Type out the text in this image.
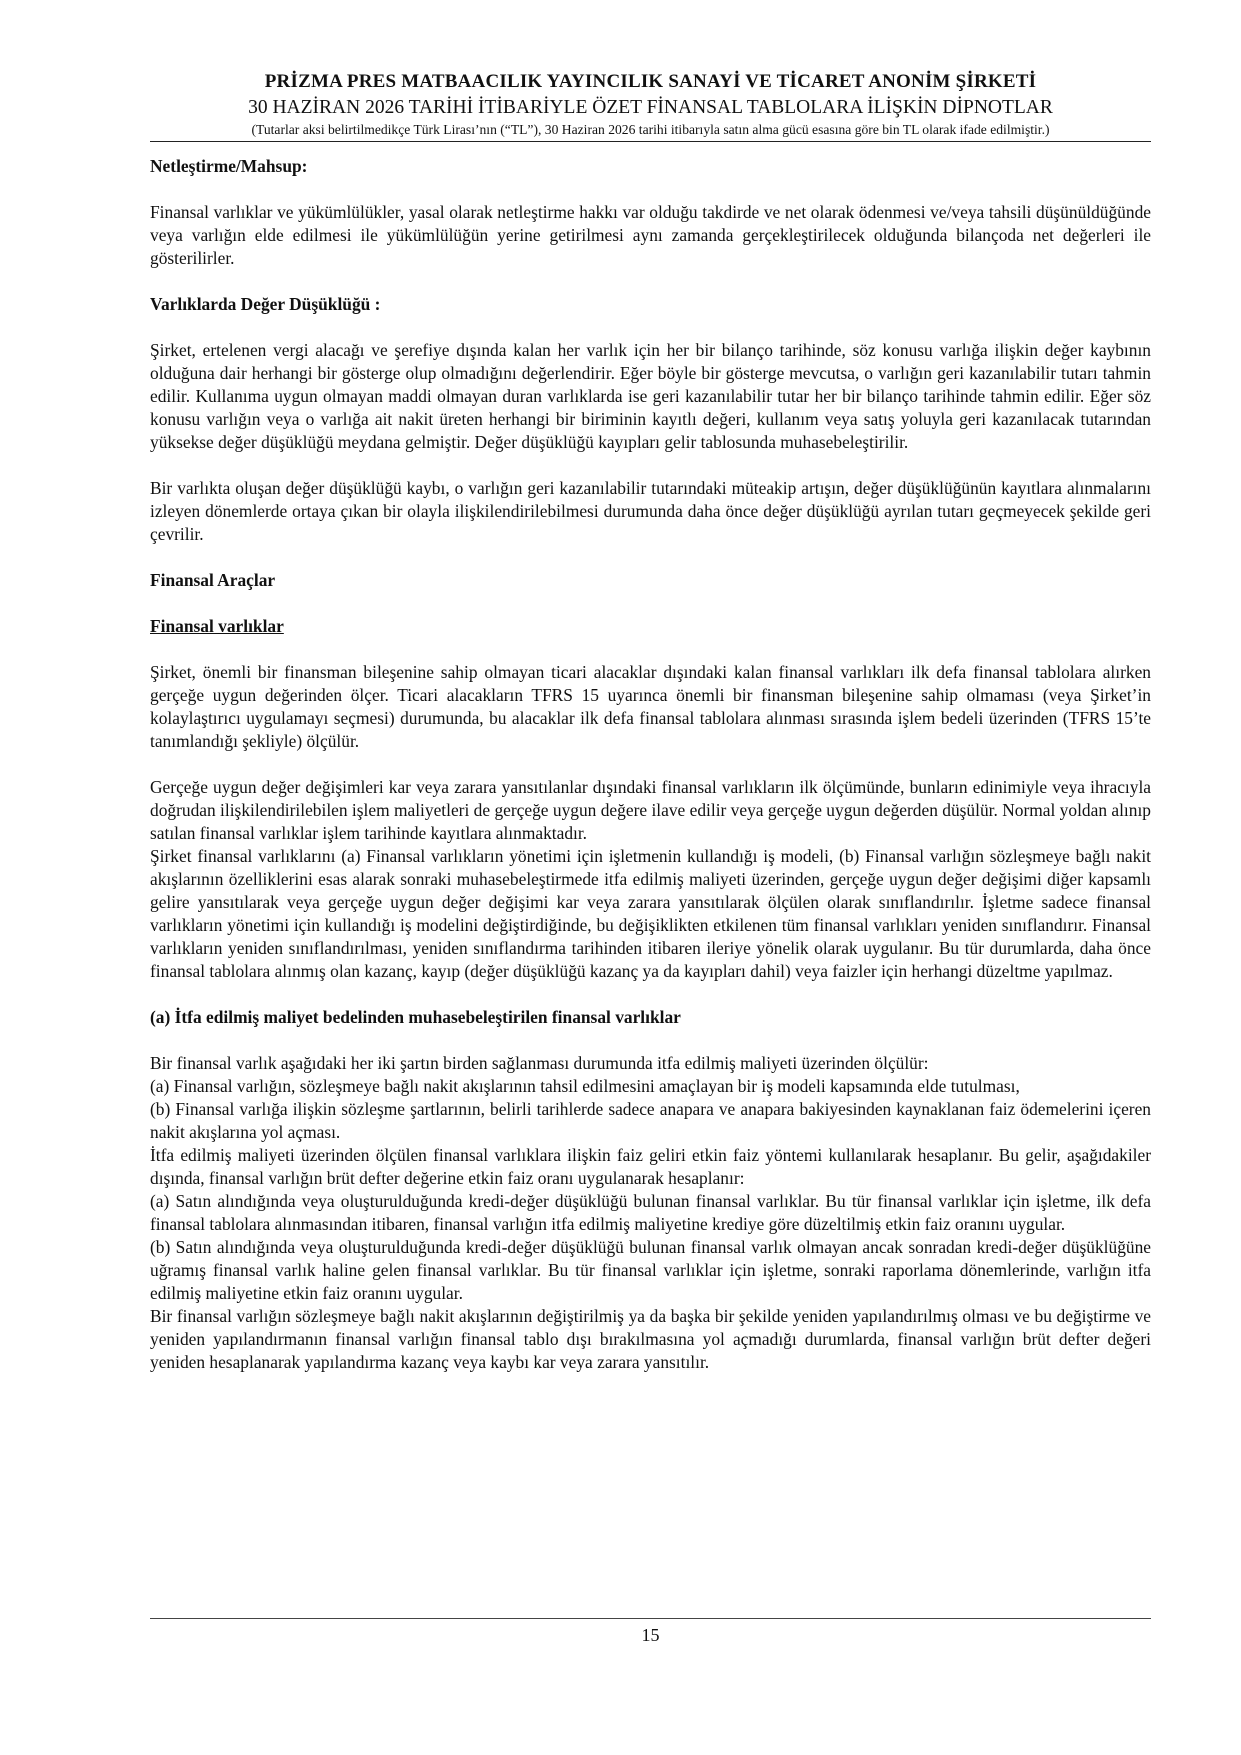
PRİZMA PRES MATBAACILIK YAYINCILIK SANAYİ VE TİCARET ANONİM ŞİRKETİ

30 HAZİRAN 2026 TARİHİ İTİBARİYLE ÖZET FİNANSAL TABLOLARA İLİŞKİN DİPNOTLAR

(Tutarlar aksi belirtilmedikçe Türk Lirası’nın (“TL”), 30 Haziran 2026 tarihi itibarıyla satın alma gücü esasına göre bin TL olarak ifade edilmiştir.)

Netleştirme/Mahsup:

Finansal varlıklar ve yükümlülükler, yasal olarak netleştirme hakkı var olduğu takdirde ve net olarak ödenmesi ve/veya tahsili düşünüldüğünde veya varlığın elde edilmesi ile yükümlülüğün yerine getirilmesi aynı zamanda gerçekleştirilecek olduğunda bilançoda net değerleri ile gösterilirler.

Varlıklarda Değer Düşüklüğü :

Şirket, ertelenen vergi alacağı ve şerefiye dışında kalan her varlık için her bir bilanço tarihinde, söz konusu varlığa ilişkin değer kaybının olduğuna dair herhangi bir gösterge olup olmadığını değerlendirir. Eğer böyle bir gösterge mevcutsa, o varlığın geri kazanılabilir tutarı tahmin edilir. Kullanıma uygun olmayan maddi olmayan duran varlıklarda ise geri kazanılabilir tutar her bir bilanço tarihinde tahmin edilir. Eğer söz konusu varlığın veya o varlığa ait nakit üreten herhangi bir biriminin kayıtlı değeri, kullanım veya satış yoluyla geri kazanılacak tutarından yüksekse değer düşüklüğü meydana gelmiştir. Değer düşüklüğü kayıpları gelir tablosunda muhasebeleştirilir.

Bir varlıkta oluşan değer düşüklüğü kaybı, o varlığın geri kazanılabilir tutarındaki müteakip artışın, değer düşüklüğünün kayıtlara alınmalarını izleyen dönemlerde ortaya çıkan bir olayla ilişkilendirilebilmesi durumunda daha önce değer düşüklüğü ayrılan tutarı geçmeyecek şekilde geri çevrilir.

Finansal Araçlar

Finansal varlıklar

Şirket, önemli bir finansman bileşenine sahip olmayan ticari alacaklar dışındaki kalan finansal varlıkları ilk defa finansal tablolara alırken gerçeğe uygun değerinden ölçer. Ticari alacakların TFRS 15 uyarınca önemli bir finansman bileşenine sahip olmaması (veya Şirket’in kolaylaştırıcı uygulamayı seçmesi) durumunda, bu alacaklar ilk defa finansal tablolara alınması sırasında işlem bedeli üzerinden (TFRS 15’te tanımlandığı şekliyle) ölçülür.

Gerçeğe uygun değer değişimleri kar veya zarara yansıtılanlar dışındaki finansal varlıkların ilk ölçümünde, bunların edinimiyle veya ihracıyla doğrudan ilişkilendirilebilen işlem maliyetleri de gerçeğe uygun değere ilave edilir veya gerçeğe uygun değerden düşülür. Normal yoldan alınıp satılan finansal varlıklar işlem tarihinde kayıtlara alınmaktadır.

Şirket finansal varlıklarını (a) Finansal varlıkların yönetimi için işletmenin kullandığı iş modeli, (b) Finansal varlığın sözleşmeye bağlı nakit akışlarının özelliklerini esas alarak sonraki muhasebeleştirmede itfa edilmiş maliyeti üzerinden, gerçeğe uygun değer değişimi diğer kapsamlı gelire yansıtılarak veya gerçeğe uygun değer değişimi kar veya zarara yansıtılarak ölçülen olarak sınıflandırılır. İşletme sadece finansal varlıkların yönetimi için kullandığı iş modelini değiştirdiğinde, bu değişiklikten etkilenen tüm finansal varlıkları yeniden sınıflandırır. Finansal varlıkların yeniden sınıflandırılması, yeniden sınıflandırma tarihinden itibaren ileriye yönelik olarak uygulanır. Bu tür durumlarda, daha önce finansal tablolara alınmış olan kazanç, kayıp (değer düşüklüğü kazanç ya da kayıpları dahil) veya faizler için herhangi düzeltme yapılmaz.

(a) İtfa edilmiş maliyet bedelinden muhasebeleştirilen finansal varlıklar

Bir finansal varlık aşağıdaki her iki şartın birden sağlanması durumunda itfa edilmiş maliyeti üzerinden ölçülür:

(a) Finansal varlığın, sözleşmeye bağlı nakit akışlarının tahsil edilmesini amaçlayan bir iş modeli kapsamında elde tutulması,

(b) Finansal varlığa ilişkin sözleşme şartlarının, belirli tarihlerde sadece anapara ve anapara bakiyesinden kaynaklanan faiz ödemelerini içeren nakit akışlarına yol açması.

İtfa edilmiş maliyeti üzerinden ölçülen finansal varlıklara ilişkin faiz geliri etkin faiz yöntemi kullanılarak hesaplanır. Bu gelir, aşağıdakiler dışında, finansal varlığın brüt defter değerine etkin faiz oranı uygulanarak hesaplanır:

(a) Satın alındığında veya oluşturulduğunda kredi-değer düşüklüğü bulunan finansal varlıklar. Bu tür finansal varlıklar için işletme, ilk defa finansal tablolara alınmasından itibaren, finansal varlığın itfa edilmiş maliyetine krediye göre düzeltilmiş etkin faiz oranını uygular.

(b) Satın alındığında veya oluşturulduğunda kredi-değer düşüklüğü bulunan finansal varlık olmayan ancak sonradan kredi-değer düşüklüğüne uğramış finansal varlık haline gelen finansal varlıklar. Bu tür finansal varlıklar için işletme, sonraki raporlama dönemlerinde, varlığın itfa edilmiş maliyetine etkin faiz oranını uygular.

Bir finansal varlığın sözleşmeye bağlı nakit akışlarının değiştirilmiş ya da başka bir şekilde yeniden yapılandırılmış olması ve bu değiştirme ve yeniden yapılandırmanın finansal varlığın finansal tablo dışı bırakılmasına yol açmadığı durumlarda, finansal varlığın brüt defter değeri yeniden hesaplanarak yapılandırma kazanç veya kaybı kar veya zarara yansıtılır.

15
